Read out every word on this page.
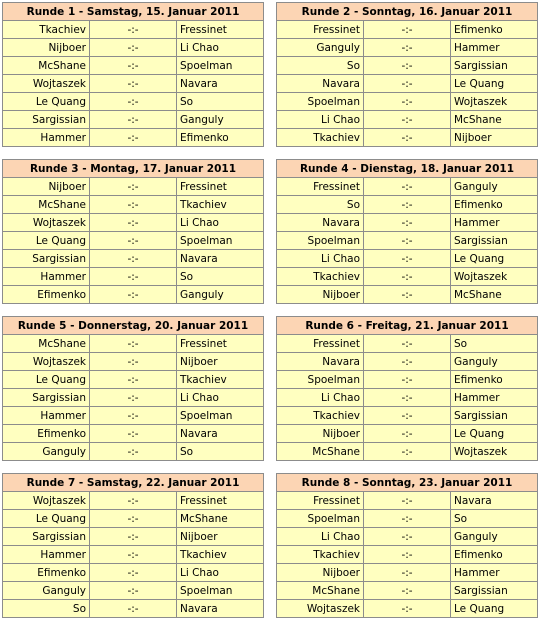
Runde 1 - Samstag, 15. Januar 2011		
Tkachiev	-:-	Fressinet
Nijboer	-:-	Li Chao
McShane	-:-	Spoelman
Wojtaszek	-:-	Navara
Le Quang	-:-	So
Sargissian	-:-	Ganguly
Hammer	-:-	Efimenko
Runde 2 - Sonntag, 16. Januar 2011		
Fressinet	-:-	Efimenko
Ganguly	-:-	Hammer
So	-:-	Sargissian
Navara	-:-	Le Quang
Spoelman	-:-	Wojtaszek
Li Chao	-:-	McShane
Tkachiev	-:-	Nijboer
Runde 3 - Montag, 17. Januar 2011		
Nijboer	-:-	Fressinet
McShane	-:-	Tkachiev
Wojtaszek	-:-	Li Chao
Le Quang	-:-	Spoelman
Sargissian	-:-	Navara
Hammer	-:-	So
Efimenko	-:-	Ganguly
Runde 4 - Dienstag, 18. Januar 2011		
Fressinet	-:-	Ganguly
So	-:-	Efimenko
Navara	-:-	Hammer
Spoelman	-:-	Sargissian
Li Chao	-:-	Le Quang
Tkachiev	-:-	Wojtaszek
Nijboer	-:-	McShane
Runde 5 - Donnerstag, 20. Januar 2011		
McShane	-:-	Fressinet
Wojtaszek	-:-	Nijboer
Le Quang	-:-	Tkachiev
Sargissian	-:-	Li Chao
Hammer	-:-	Spoelman
Efimenko	-:-	Navara
Ganguly	-:-	So
Runde 6 - Freitag, 21. Januar 2011		
Fressinet	-:-	So
Navara	-:-	Ganguly
Spoelman	-:-	Efimenko
Li Chao	-:-	Hammer
Tkachiev	-:-	Sargissian
Nijboer	-:-	Le Quang
McShane	-:-	Wojtaszek
Runde 7 - Samstag, 22. Januar 2011		
Wojtaszek	-:-	Fressinet
Le Quang	-:-	McShane
Sargissian	-:-	Nijboer
Hammer	-:-	Tkachiev
Efimenko	-:-	Li Chao
Ganguly	-:-	Spoelman
So	-:-	Navara
Runde 8 - Sonntag, 23. Januar 2011		
Fressinet	-:-	Navara
Spoelman	-:-	So
Li Chao	-:-	Ganguly
Tkachiev	-:-	Efimenko
Nijboer	-:-	Hammer
McShane	-:-	Sargissian
Wojtaszek	-:-	Le Quang
